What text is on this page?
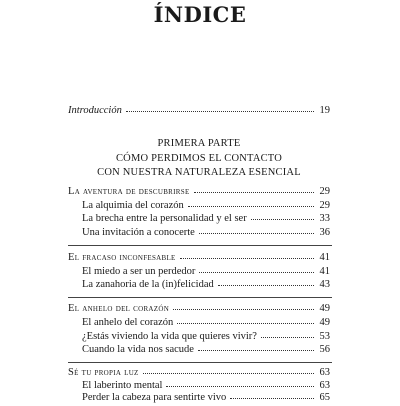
ÍNDICE
Introducción	19
PRIMERA PARTE
CÓMO PERDIMOS EL CONTACTO
CON NUESTRA NATURALEZA ESENCIAL
La aventura de descubrirse	29
La alquimia del corazón	29
La brecha entre la personalidad y el ser	33
Una invitación a conocerte	36
El fracaso inconfesable	41
El miedo a ser un perdedor	41
La zanahoria de la (in)felicidad	43
El anhelo del corazón	49
El anhelo del corazón	49
¿Estás viviendo la vida que quieres vivir?	53
Cuando la vida nos sacude	56
Sé tu propia luz	63
El laberinto mental	63
Perder la cabeza para sentirte vivo	65
